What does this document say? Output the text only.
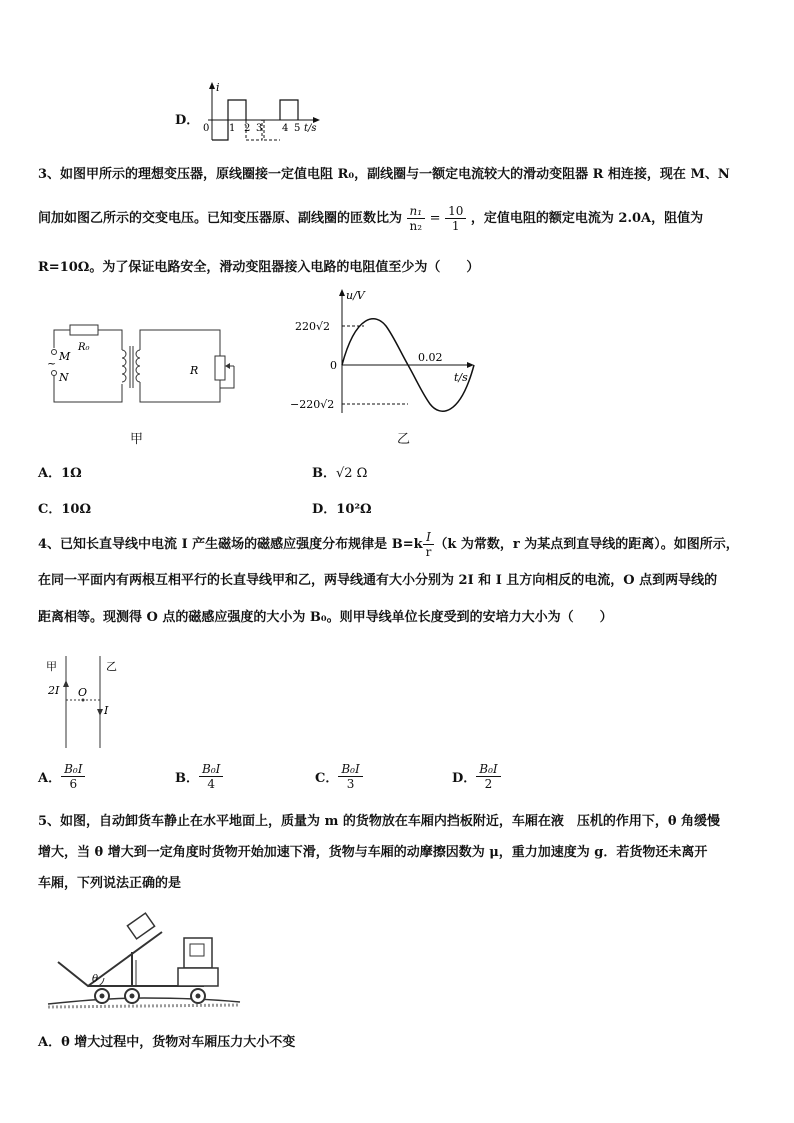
D．
i
t/s
0 1 2 3 4 5
3、如图甲所示的理想变压器，原线圈接一定值电阻 R₀，副线圈与一额定电流较大的滑动变阻器 R 相连接，现在 M、N
间加如图乙所示的交变电压。已知变压器原、副线圈的匝数比为 $\frac{\text{n₁}}{\text{n₂}} = \frac{10}{1}$ ，定值电阻的额定电流为 2.0A，阻值为
R=10Ω。为了保证电路安全，滑动变阻器接入电路的电阻值至少为（　　）
R₀
M
~
N
R
甲
u/V
220√2
0
−220√2
0.02
t/s
乙
A．1Ω	B．√2 Ω
C．10Ω	D．10²Ω
4、已知长直导线中电流 I 产生磁场的磁感应强度分布规律是 $B=k \frac{I}{r} (k$ 为常数，r 为某点到直导线的距离）。如图所示，
在同一平面内有两根互相平行的长直导线甲和乙，两导线通有大小分别为 2I 和 I 且方向相反的电流，O 点到两导线的
距离相等。现测得 O 点的磁感应强度的大小为 B₀。则甲导线单位长度受到的安培力大小为（　　）
甲	乙
2I O
I
A． $\frac{\text{B₀I}}{6}$	B． $\frac{\text{B₀I}}{4}$	C． $\frac{\text{B₀I}}{3}$	D． $\frac{\text{B₀I}}{2}$
5、如图，自动卸货车静止在水平地面上，质量为 m 的货物放在车厢内挡板附近，车厢在液　压机的作用下，θ 角缓慢
增大，当 θ 增大到一定角度时货物开始加速下滑，货物与车厢的动摩擦因数为 μ，重力加速度为 g．若货物还未离开
车厢，下列说法正确的是
θ
A．θ 增大过程中，货物对车厢压力大小不变
